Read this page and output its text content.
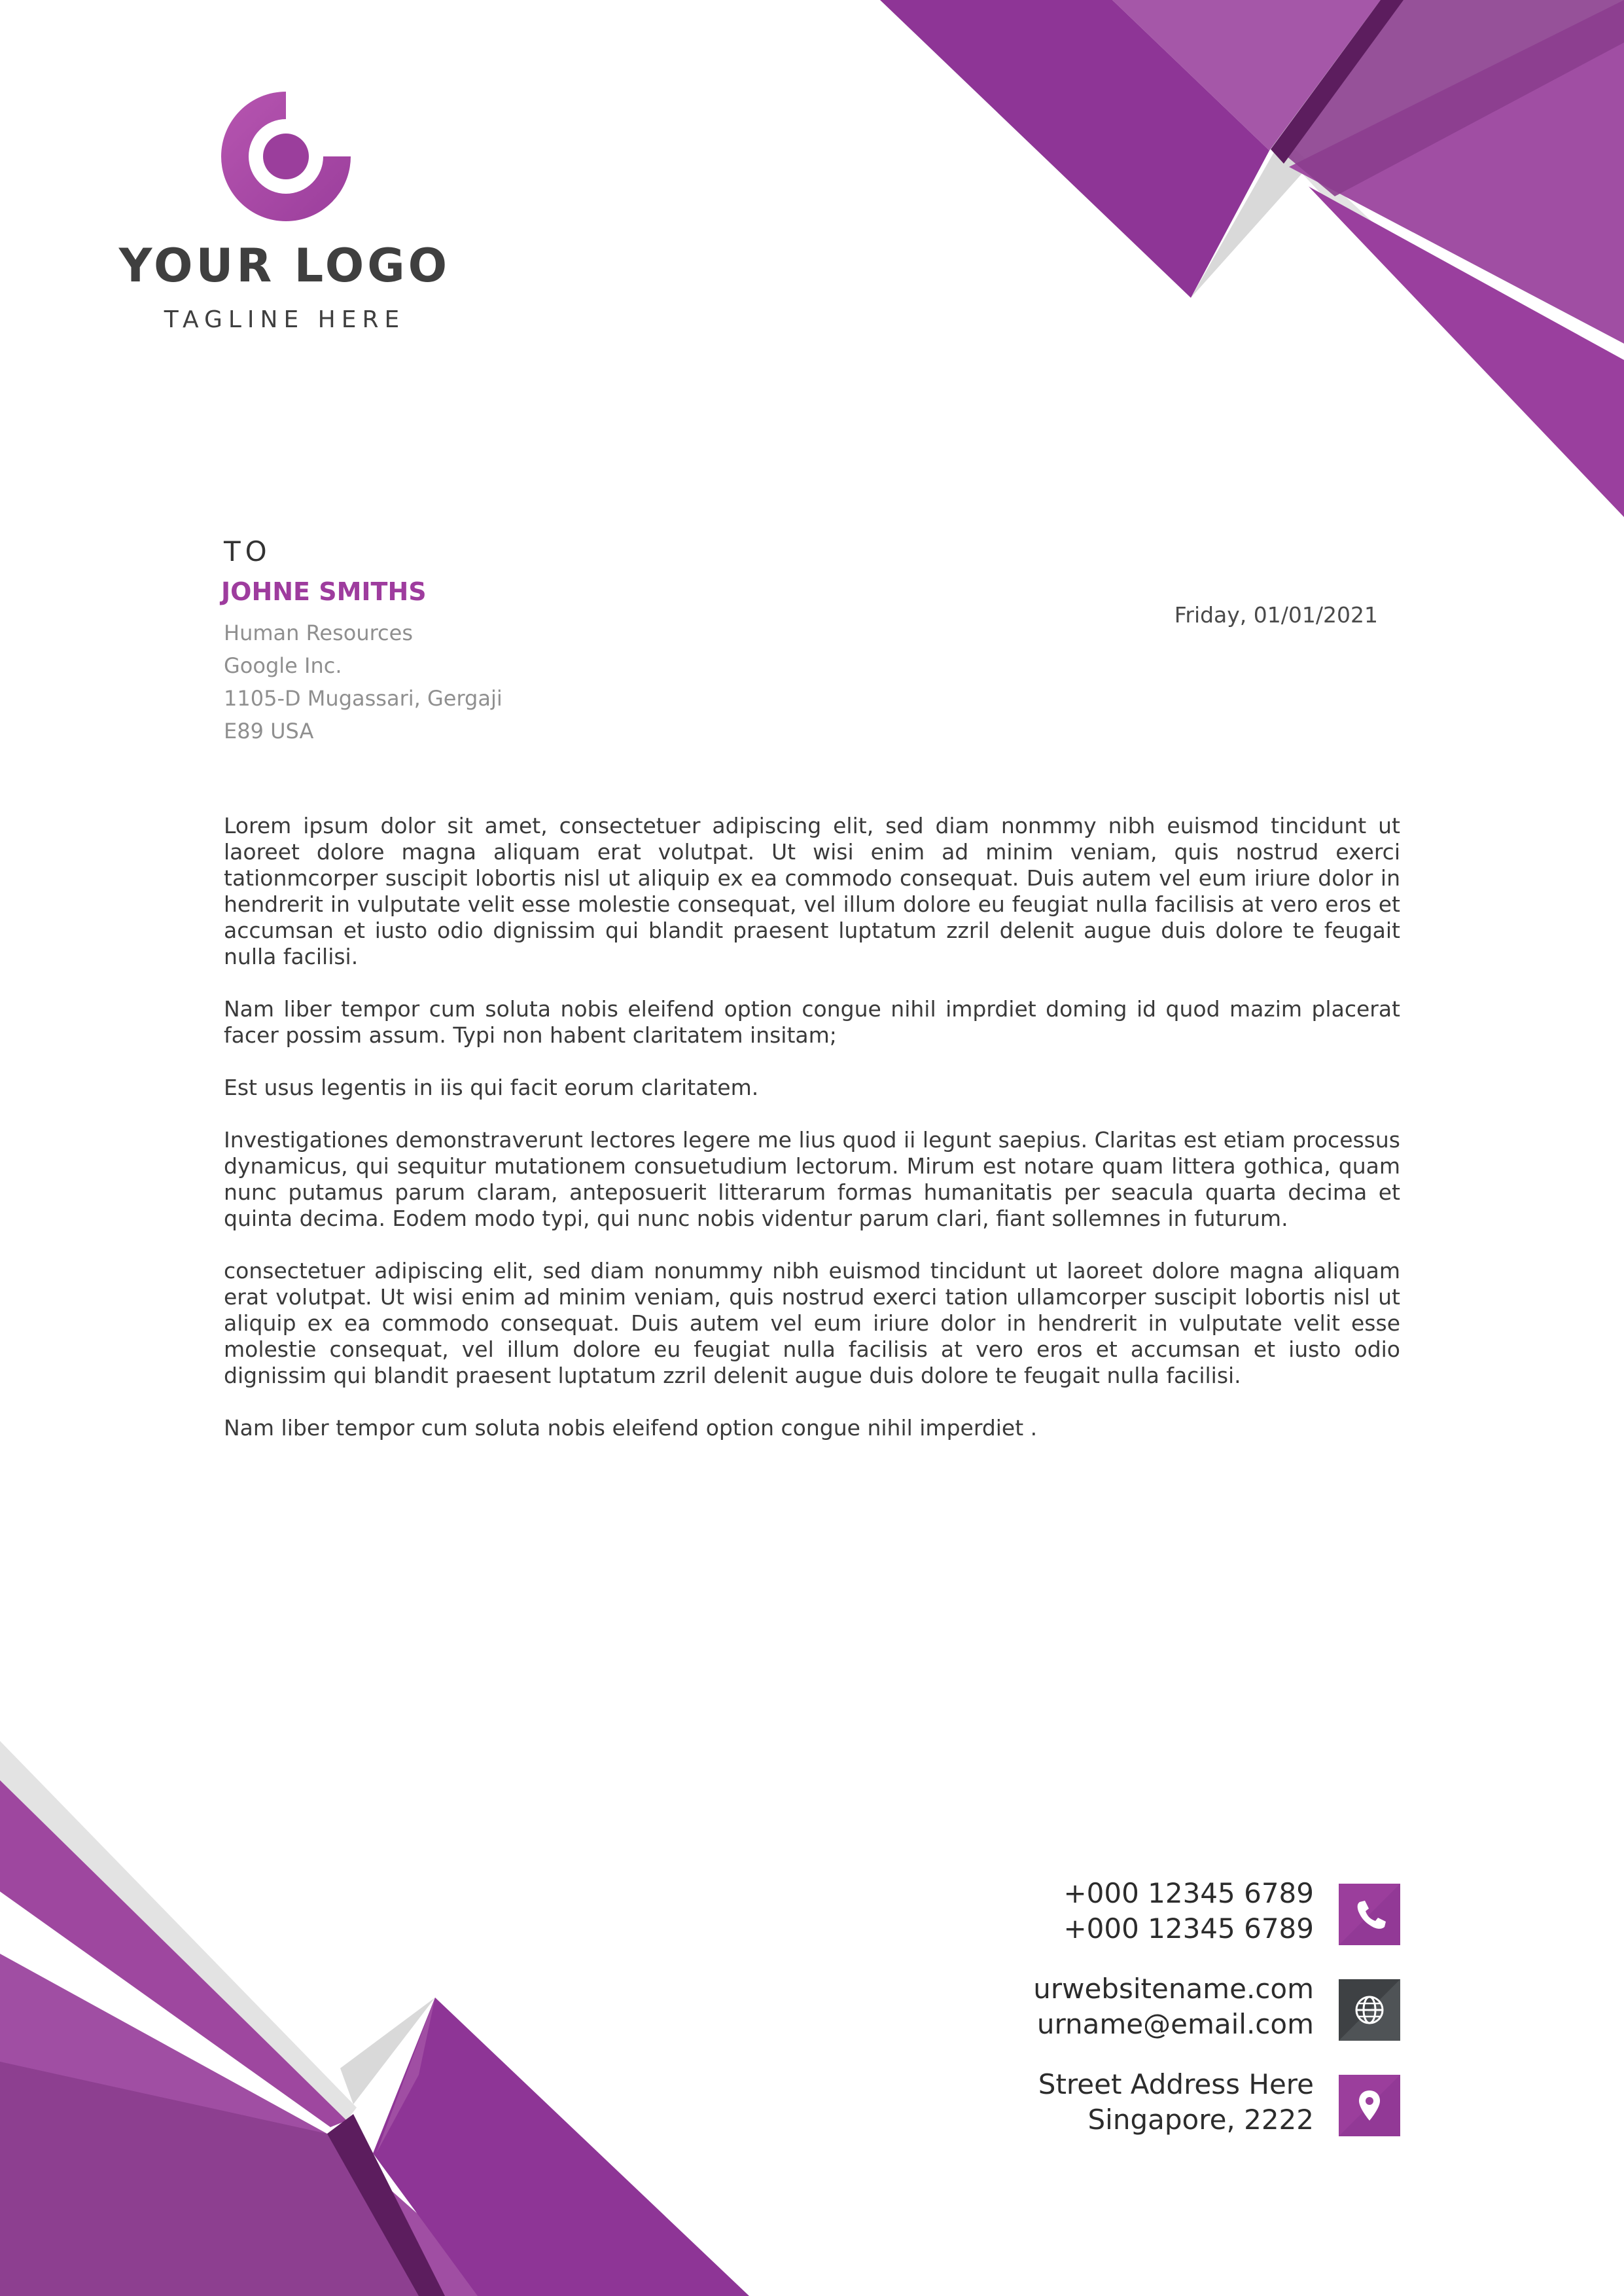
YOUR LOGO
TAGLINE HERE
TO
JOHNE SMITHS
Human Resources
Google Inc.
1105-D Mugassari, Gergaji
E89 USA
Friday, 01/01/2021

Lorem ipsum dolor sit amet, consectetuer adipiscing elit, sed diam nonmmy nibh euismod tincidunt ut laoreet dolore magna aliquam erat volutpat. Ut wisi enim ad minim veniam, quis nostrud exerci tationmcorper suscipit lobortis nisl ut aliquip ex ea commodo consequat. Duis autem vel eum iriure dolor in hendrerit in vulputate velit esse molestie consequat, vel illum dolore eu feugiat nulla facilisis at vero eros et accumsan et iusto odio dignissim qui blandit praesent luptatum zzril delenit augue duis dolore te feugait nulla facilisi.

Nam liber tempor cum soluta nobis eleifend option congue nihil imprdiet doming id quod mazim placerat facer possim assum. Typi non habent claritatem insitam;

Est usus legentis in iis qui facit eorum claritatem.

Investigationes demonstraverunt lectores legere me lius quod ii legunt saepius. Claritas est etiam processus dynamicus, qui sequitur mutationem consuetudium lectorum. Mirum est notare quam littera gothica, quam nunc putamus parum claram, anteposuerit litterarum formas humanitatis per seacula quarta decima et quinta decima. Eodem modo typi, qui nunc nobis videntur parum clari, fiant sollemnes in futurum.

consectetuer adipiscing elit, sed diam nonummy nibh euismod tincidunt ut laoreet dolore magna aliquam erat volutpat. Ut wisi enim ad minim veniam, quis nostrud exerci tation ullamcorper suscipit lobortis nisl ut aliquip ex ea commodo consequat. Duis autem vel eum iriure dolor in hendrerit in vulputate velit esse molestie consequat, vel illum dolore eu feugiat nulla facilisis at vero eros et accumsan et iusto odio dignissim qui blandit praesent luptatum zzril delenit augue duis dolore te feugait nulla facilisi.

Nam liber tempor cum soluta nobis eleifend option congue nihil imperdiet .

+000 12345 6789
+000 12345 6789
urwebsitename.com
urname@email.com
Street Address Here
Singapore, 2222
